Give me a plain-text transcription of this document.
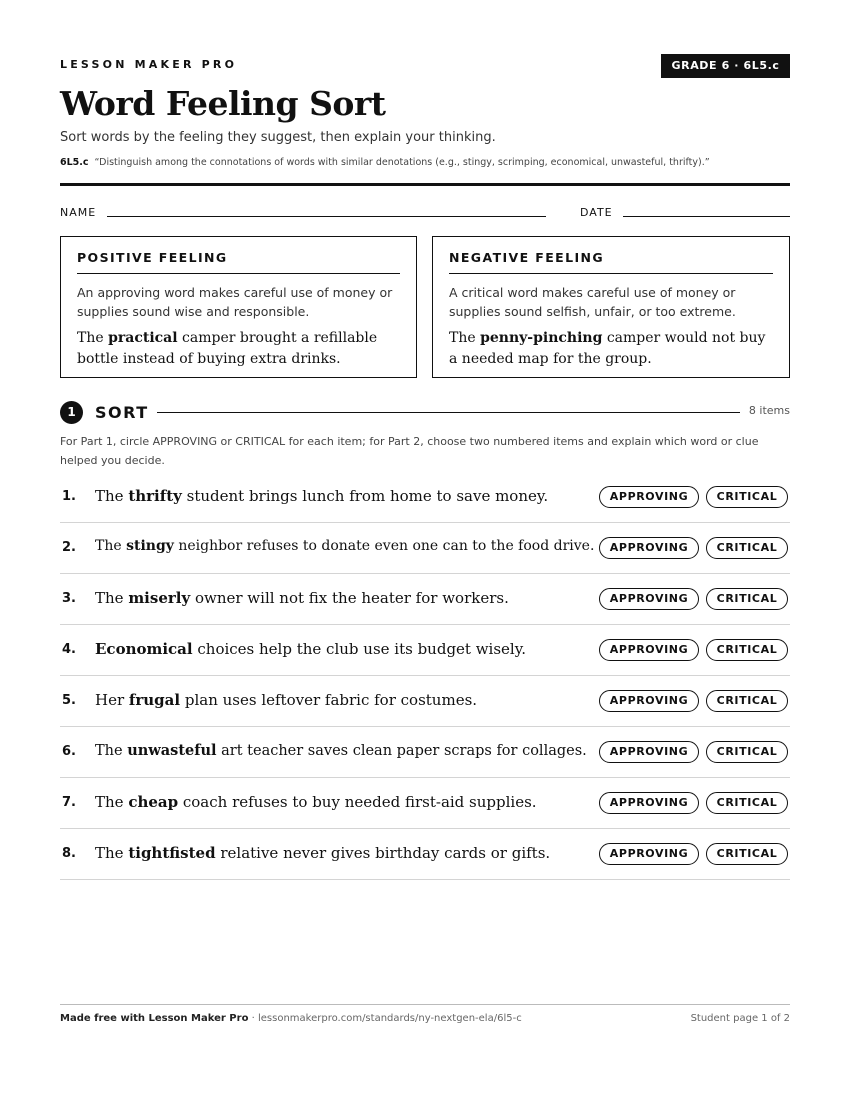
LESSON MAKER PRO	GRADE 6 · 6L5.c
Word Feeling Sort
Sort words by the feeling they suggest, then explain your thinking.
6L5.c “Distinguish among the connotations of words with similar denotations (e.g., stingy, scrimping, economical, unwasteful, thrifty).”
NAME	DATE
POSITIVE FEELING
An approving word makes careful use of money or supplies sound wise and responsible.
The practical camper brought a refillable bottle instead of buying extra drinks.
NEGATIVE FEELING
A critical word makes careful use of money or supplies sound selfish, unfair, or too extreme.
The penny-pinching camper would not buy a needed map for the group.
1	SORT	8 items
For Part 1, circle APPROVING or CRITICAL for each item; for Part 2, choose two numbered items and explain which word or clue helped you decide.
1. The thrifty student brings lunch from home to save money.	APPROVING	CRITICAL
2. The stingy neighbor refuses to donate even one can to the food drive.	APPROVING	CRITICAL
3. The miserly owner will not fix the heater for workers.	APPROVING	CRITICAL
4. Economical choices help the club use its budget wisely.	APPROVING	CRITICAL
5. Her frugal plan uses leftover fabric for costumes.	APPROVING	CRITICAL
6. The unwasteful art teacher saves clean paper scraps for collages.	APPROVING	CRITICAL
7. The cheap coach refuses to buy needed first-aid supplies.	APPROVING	CRITICAL
8. The tightfisted relative never gives birthday cards or gifts.	APPROVING	CRITICAL
Made free with Lesson Maker Pro · lessonmakerpro.com/standards/ny-nextgen-ela/6l5-c	Student page 1 of 2
